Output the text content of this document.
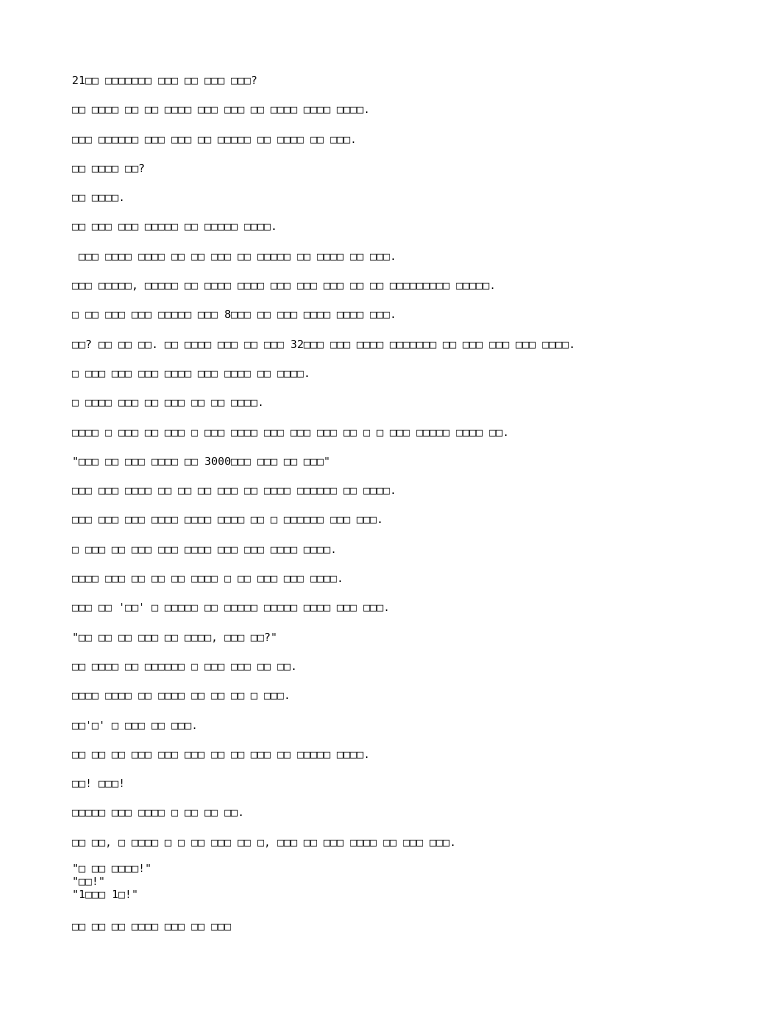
21□□ □□□□□□□ □□□ □□ □□□ □□□?
□□ □□□□ □□ □□ □□□□ □□□ □□□ □□ □□□□ □□□□ □□□□.
□□□ □□□□□□ □□□ □□□ □□ □□□□□ □□ □□□□ □□ □□□.
□□ □□□□ □□?
□□ □□□□.
□□ □□□ □□□ □□□□□ □□ □□□□□ □□□□.
□□□ □□□□ □□□□ □□ □□ □□□ □□ □□□□□ □□ □□□□ □□ □□□.
□□□ □□□□□, □□□□□ □□ □□□□ □□□□ □□□ □□□ □□□ □□ □□ □□□□□□□□□ □□□□□.
□ □□ □□□ □□□ □□□□□ □□□ 8□□□ □□ □□□ □□□□ □□□□ □□□.
□□? □□ □□ □□. □□ □□□□ □□□ □□ □□□ 32□□□ □□□ □□□□ □□□□□□□ □□ □□□ □□□ □□□ □□□□.
□ □□□ □□□ □□□ □□□□ □□□ □□□□ □□ □□□□.
□ □□□□ □□□ □□ □□□ □□ □□ □□□□.
□□□□ □ □□□ □□ □□□ □ □□□ □□□□ □□□ □□□ □□□ □□ □ □ □□□ □□□□□ □□□□ □□.
"□□□ □□ □□□ □□□□ □□ 3000□□□ □□□ □□ □□□"
□□□ □□□ □□□□ □□ □□ □□ □□□ □□ □□□□ □□□□□□ □□ □□□□.
□□□ □□□ □□□ □□□□ □□□□ □□□□ □□ □ □□□□□□ □□□ □□□.
□ □□□ □□ □□□ □□□ □□□□ □□□ □□□ □□□□ □□□□.
□□□□ □□□ □□ □□ □□ □□□□ □ □□ □□□ □□□ □□□□.
□□□ □□ '□□' □ □□□□□ □□ □□□□□ □□□□□ □□□□ □□□ □□□.
"□□ □□ □□ □□□ □□ □□□□, □□□ □□?"
□□ □□□□ □□ □□□□□□ □ □□□ □□□ □□ □□.
□□□□ □□□□ □□ □□□□ □□ □□ □□ □ □□□.
□□'□' □ □□□ □□ □□□.
□□ □□ □□ □□□ □□□ □□□ □□ □□ □□□ □□ □□□□□ □□□□.
□□! □□□!
□□□□□ □□□ □□□□ □ □□ □□ □□.
□□ □□, □ □□□□ □ □ □□ □□□ □□ □, □□□ □□ □□□ □□□□ □□ □□□ □□□.
"□ □□ □□□□!"
"□□!"
"1□□□ 1□!"
□□ □□ □□ □□□□ □□□ □□ □□□
